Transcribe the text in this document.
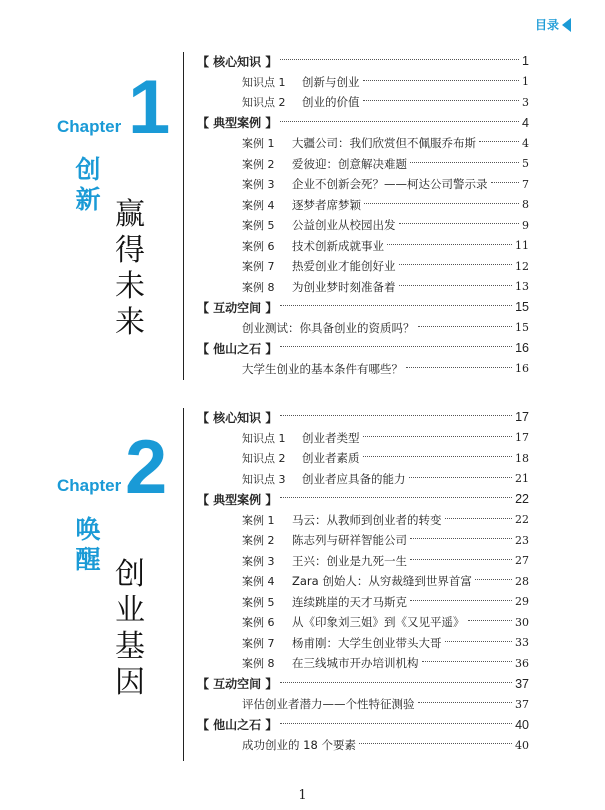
目录
Chapter 1
创
新 赢
得
未
来
Chapter 2
唤
醒 创
业
基
因
【 核心知识 】	1
知识点 1	创新与创业	1
知识点 2	创业的价值	3
【 典型案例 】	4
案例 1	大疆公司：我们欣赏但不佩服乔布斯	4
案例 2	爱彼迎：创意解决难题	5
案例 3	企业不创新会死？——柯达公司警示录	7
案例 4	逐梦者席梦颖	8
案例 5	公益创业从校园出发	9
案例 6	技术创新成就事业	11
案例 7	热爱创业才能创好业	12
案例 8	为创业梦时刻准备着	13
【 互动空间 】	15
创业测试：你具备创业的资质吗？	15
【 他山之石 】	16
大学生创业的基本条件有哪些？	16
【 核心知识 】	17
知识点 1	创业者类型	17
知识点 2	创业者素质	18
知识点 3	创业者应具备的能力	21
【 典型案例 】	22
案例 1	马云：从教师到创业者的转变	22
案例 2	陈志列与研祥智能公司	23
案例 3	王兴：创业是九死一生	27
案例 4	Zara 创始人：从穷裁缝到世界首富	28
案例 5	连续跳崖的天才马斯克	29
案例 6	从《印象刘三姐》到《又见平遥》	30
案例 7	杨甫刚：大学生创业带头大哥	33
案例 8	在三线城市开办培训机构	36
【 互动空间 】	37
评估创业者潜力——个性特征测验	37
【 他山之石 】	40
成功创业的 18 个要素	40
1
